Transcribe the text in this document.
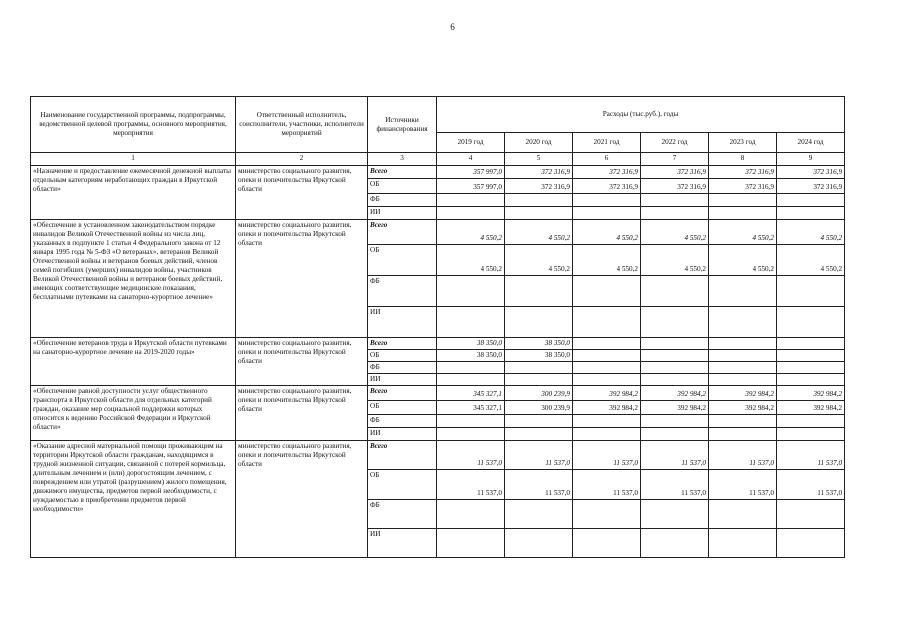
6
Наименование государственной программы, подпрограммы, ведомственной целевой программы, основного мероприятия, мероприятия	Ответственный исполнитель, соисполнители, участники, исполнители мероприятий	Источники финансирования	Расходы (тыс.руб.), годы					
			2019 год	2020 год	2021 год	2022 год	2023 год	2024 год
1	2	3	4	5	6	7	8	9
«Назначение и предоставление ежемесячной денежной выплаты отдельным категориям неработающих граждан в Иркутской области»	министерство социального развития, опеки и попечительства Иркутской области	Всего	357 997,0	372 316,9	372 316,9	372 316,9	372 316,9	372 316,9
		ОБ	357 997,0	372 316,9	372 316,9	372 316,9	372 316,9	372 316,9
		ФБ						
		ИИ						
«Обеспечение в установленном законодательством порядке инвалидов Великой Отечественной войны из числа лиц, указанных в подпункте 1 статьи 4 Федерального закона от 12 января 1995 года № 5-ФЗ «О ветеранах», ветеранов Великой Отечественной войны и ветеранов боевых действий, членов семей погибших (умерших) инвалидов войны, участников Великой Отечественной войны и ветеранов боевых действий, имеющих соответствующие медицинские показания, бесплатными путевками на санаторно-курортное лечение»	министерство социального развития, опеки и попечительства Иркутской области	Всего	4 550,2	4 550,2	4 550,2	4 550,2	4 550,2	4 550,2
		ОБ	4 550,2	4 550,2	4 550,2	4 550,2	4 550,2	4 550,2
		ФБ						
		ИИ						
«Обеспечение ветеранов труда в Иркутской области путевками на санаторно-курортное лечение на 2019-2020 годы»	министерство социального развития, опеки и попечительства Иркутской области	Всего	38 350,0	38 350,0				
		ОБ	38 350,0	38 350,0				
		ФБ						
		ИИ						
«Обеспечение равной доступности услуг общественного транспорта в Иркутской области для отдельных категорий граждан, оказание мер социальной поддержки которых относится к ведению Российской Федерации и Иркутской области»	министерство социального развития, опеки и попечительства Иркутской области	Всего	345 327,1	300 239,9	392 984,2	392 984,2	392 984,2	392 984,2
		ОБ	345 327,1	300 239,9	392 984,2	392 984,2	392 984,2	392 984,2
		ФБ						
		ИИ						
«Оказание адресной материальной помощи проживающим на территории Иркутской области гражданам, находящимся в трудной жизненной ситуации, связанной с потерей кормильца, длительным лечением и (или) дорогостоящим лечением, с повреждением или утратой (разрушением) жилого помещения, движимого имущества, предметов первой необходимости, с нуждаемостью в приобретении предметов первой необходимости»	министерство социального развития, опеки и попечительства Иркутской области	Всего	11 537,0	11 537,0	11 537,0	11 537,0	11 537,0	11 537,0
		ОБ	11 537,0	11 537,0	11 537,0	11 537,0	11 537,0	11 537,0
		ФБ						
		ИИ						
